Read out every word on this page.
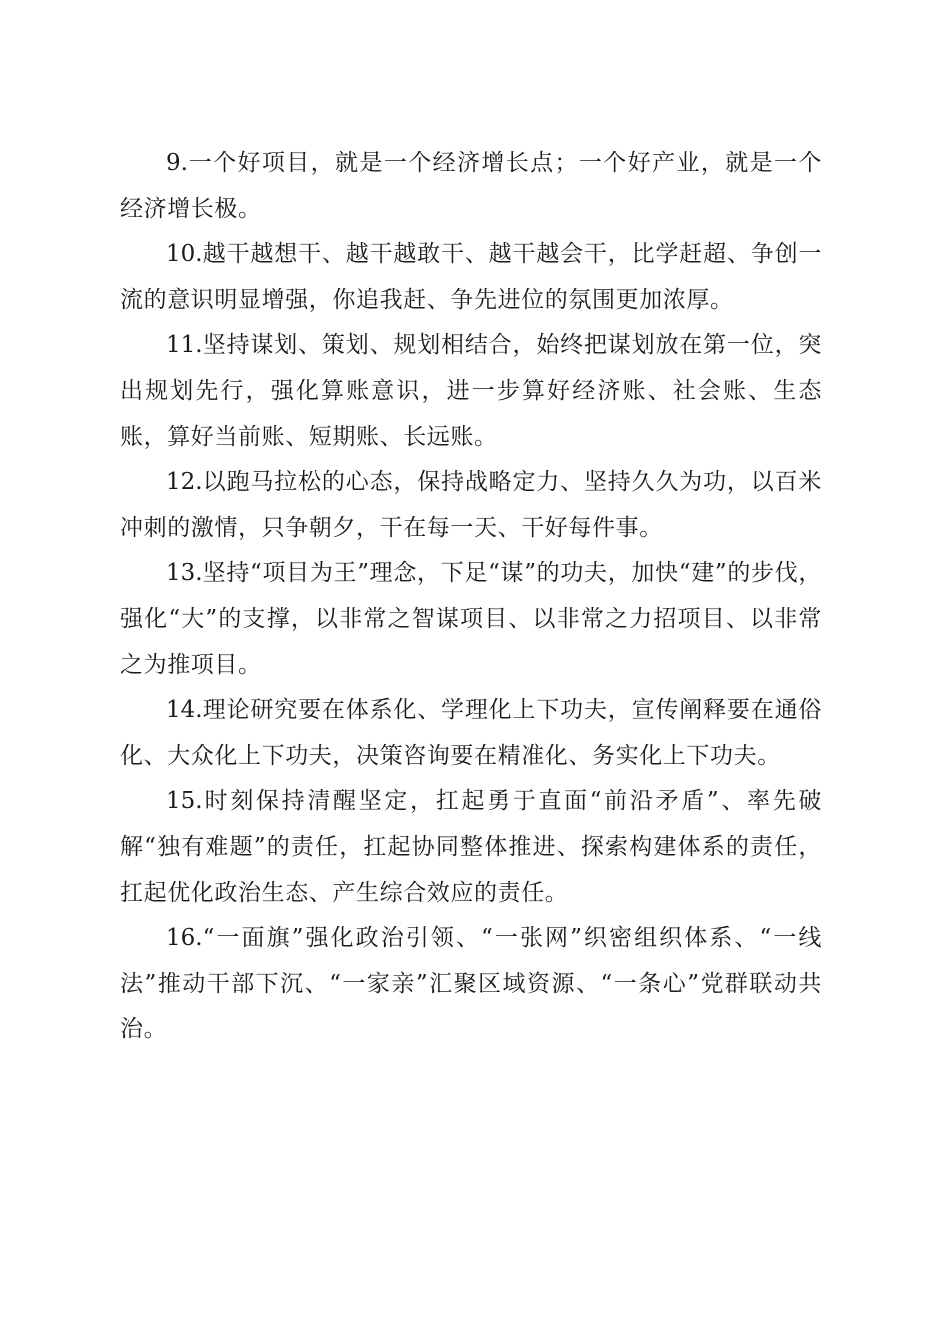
9.一个好项目，就是一个经济增长点；一个好产业，就是一个经济增长极。

10.越干越想干、越干越敢干、越干越会干，比学赶超、争创一流的意识明显增强，你追我赶、争先进位的氛围更加浓厚。

11.坚持谋划、策划、规划相结合，始终把谋划放在第一位，突出规划先行，强化算账意识，进一步算好经济账、社会账、生态账，算好当前账、短期账、长远账。

12.以跑马拉松的心态，保持战略定力、坚持久久为功，以百米冲刺的激情，只争朝夕，干在每一天、干好每件事。

13.坚持“项目为王”理念，下足“谋”的功夫，加快“建”的步伐，强化“大”的支撑，以非常之智谋项目、以非常之力招项目、以非常之为推项目。

14.理论研究要在体系化、学理化上下功夫，宣传阐释要在通俗化、大众化上下功夫，决策咨询要在精准化、务实化上下功夫。

15.时刻保持清醒坚定，扛起勇于直面“前沿矛盾”、率先破解“独有难题”的责任，扛起协同整体推进、探索构建体系的责任，扛起优化政治生态、产生综合效应的责任。

16.“一面旗”强化政治引领、“一张网”织密组织体系、“一线法”推动干部下沉、“一家亲”汇聚区域资源、“一条心”党群联动共治。
